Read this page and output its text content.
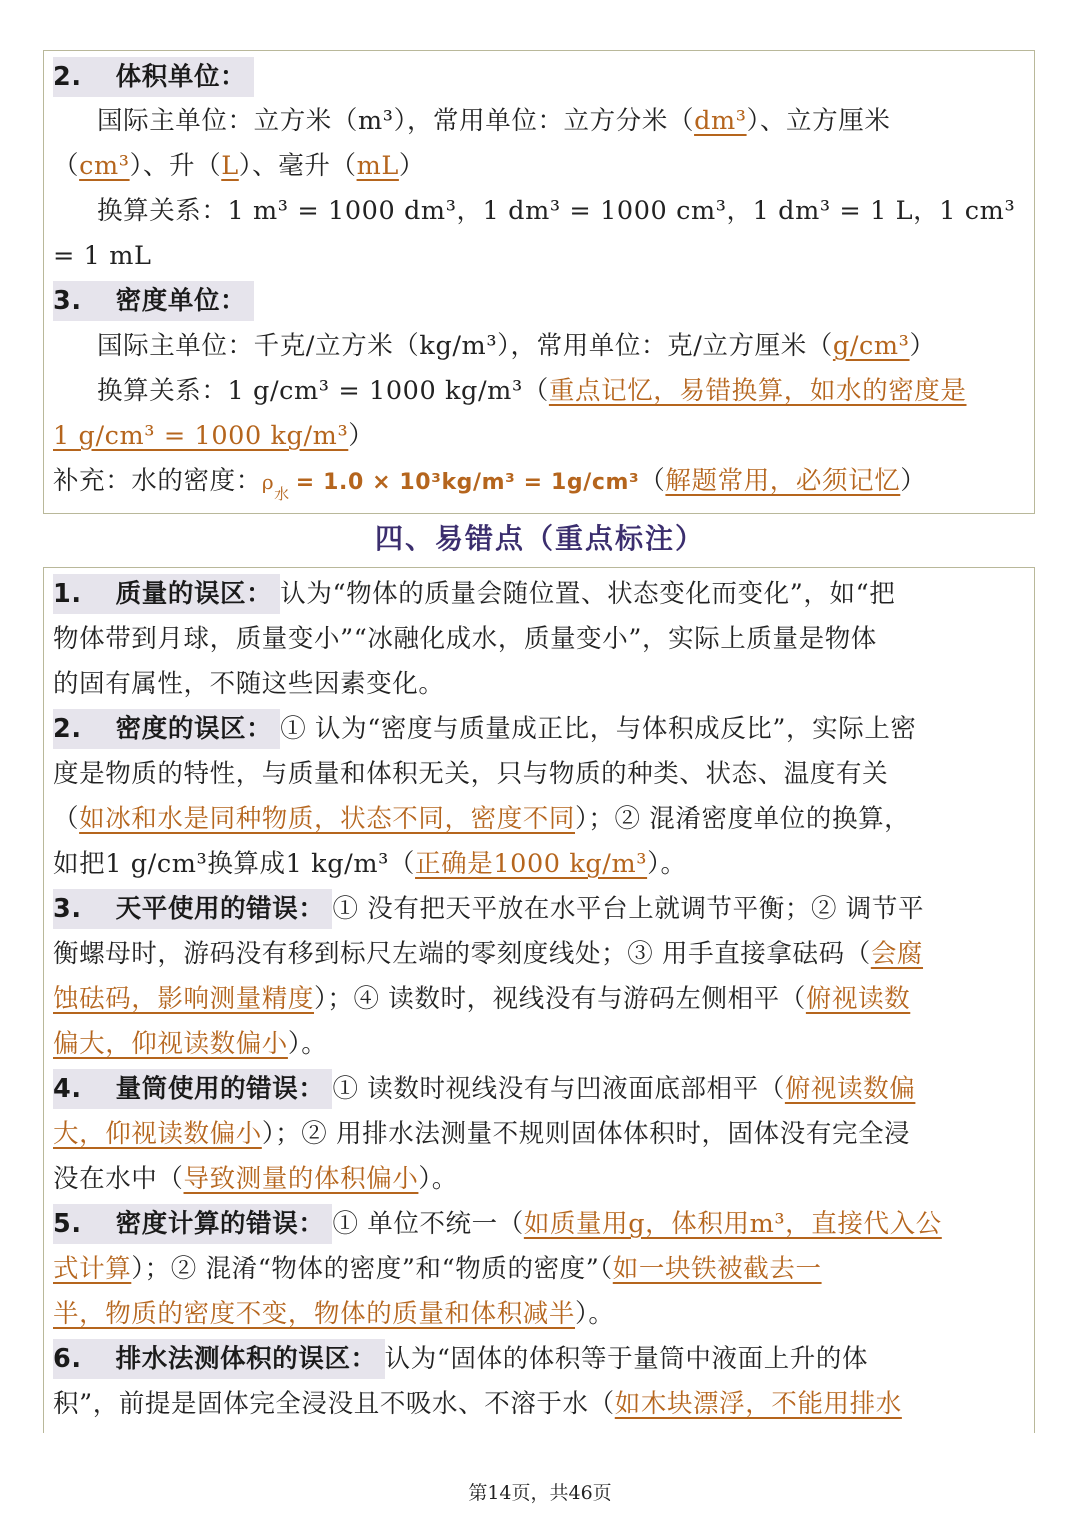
2. 体积单位：
国际主单位：立方米（m³），常用单位：立方分米（dm³）、立方厘米
（cm³）、升（L）、毫升（mL）
换算关系：1 m³ = 1000 dm³，1 dm³ = 1000 cm³，1 dm³ = 1 L，1 cm³
= 1 mL
3. 密度单位：
国际主单位：千克/立方米（kg/m³），常用单位：克/立方厘米（g/cm³）
换算关系：1 g/cm³ = 1000 kg/m³（重点记忆，易错换算，如水的密度是
1 g/cm³ = 1000 kg/m³）
补充：水的密度：$\rho_水 = 1.0 \times 10^3kg/m^3 = 1g/cm^3$（解题常用，必须记忆）
四、易错点（重点标注）
1. 质量的误区： 认为“物体的质量会随位置、状态变化而变化”，如“把
物体带到月球，质量变小”“冰融化成水，质量变小”，实际上质量是物体
的固有属性，不随这些因素变化。
2. 密度的误区： ① 认为“密度与质量成正比，与体积成反比”，实际上密
度是物质的特性，与质量和体积无关，只与物质的种类、状态、温度有关
（如冰和水是同种物质，状态不同，密度不同）；② 混淆密度单位的换算，
如把1 g/cm³换算成1 kg/m³（正确是1000 kg/m³）。
3. 天平使用的错误： ① 没有把天平放在水平台上就调节平衡；② 调节平
衡螺母时，游码没有移到标尺左端的零刻度线处；③ 用手直接拿砝码（会腐
蚀砝码，影响测量精度）；④ 读数时，视线没有与游码左侧相平（俯视读数
偏大，仰视读数偏小）。
4. 量筒使用的错误： ① 读数时视线没有与凹液面底部相平（俯视读数偏
大，仰视读数偏小）；② 用排水法测量不规则固体体积时，固体没有完全浸
没在水中（导致测量的体积偏小）。
5. 密度计算的错误： ① 单位不统一（如质量用g，体积用m³，直接代入公
式计算）；② 混淆“物体的密度”和“物质的密度”（如一块铁被截去一
半，物质的密度不变，物体的质量和体积减半）。
6. 排水法测体积的误区： 认为“固体的体积等于量筒中液面上升的体
积”，前提是固体完全浸没且不吸水、不溶于水（如木块漂浮，不能用排水
第14页，共46页
